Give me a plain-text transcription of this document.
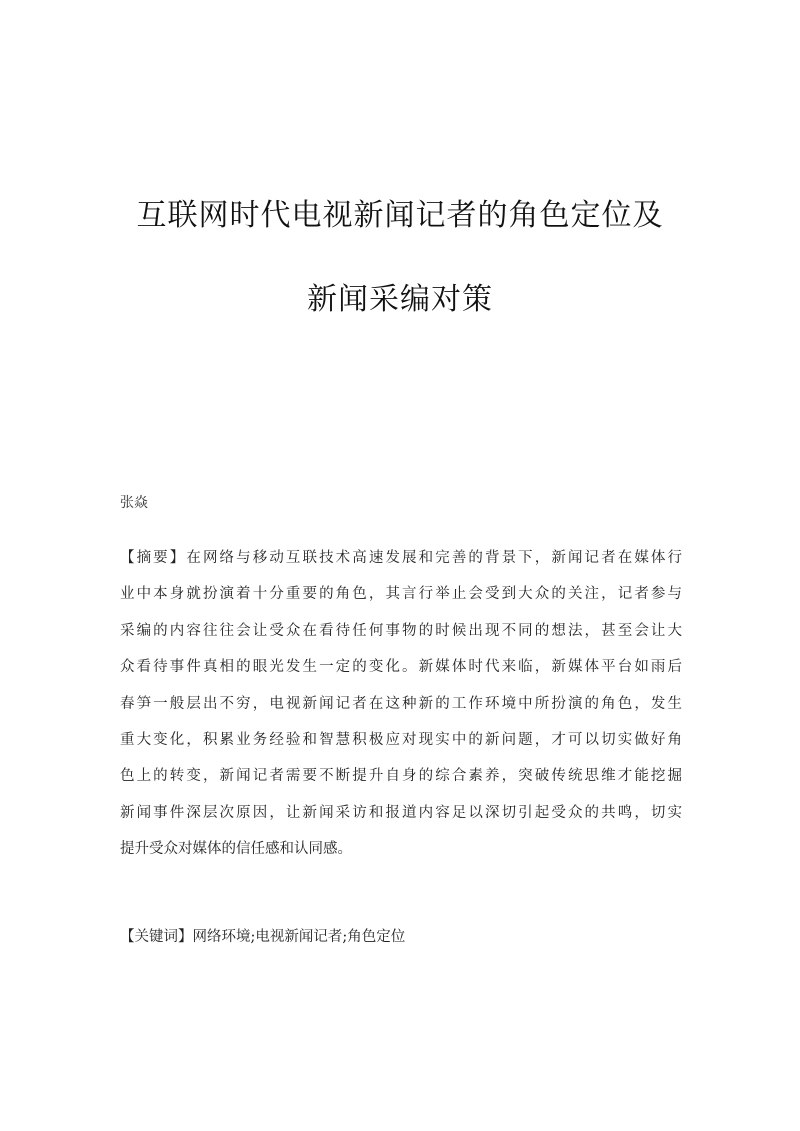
互联网时代电视新闻记者的角色定位及
新闻采编对策

张焱

【摘要】在网络与移动互联技术高速发展和完善的背景下，新闻记者在媒体行
业中本身就扮演着十分重要的角色，其言行举止会受到大众的关注，记者参与
采编的内容往往会让受众在看待任何事物的时候出现不同的想法，甚至会让大
众看待事件真相的眼光发生一定的变化。新媒体时代来临，新媒体平台如雨后
春笋一般层出不穷，电视新闻记者在这种新的工作环境中所扮演的角色，发生
重大变化，积累业务经验和智慧积极应对现实中的新问题，才可以切实做好角
色上的转变，新闻记者需要不断提升自身的综合素养，突破传统思维才能挖掘
新闻事件深层次原因，让新闻采访和报道内容足以深切引起受众的共鸣，切实
提升受众对媒体的信任感和认同感。

【关键词】网络环境;电视新闻记者;角色定位
